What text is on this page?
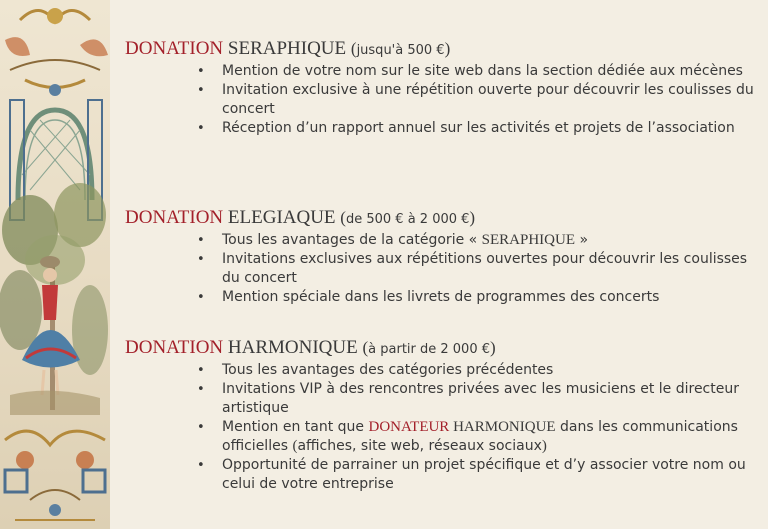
DONATION SERAPHIQUE (jusqu'à 500 €)
• Mention de votre nom sur le site web dans la section dédiée aux mécènes
• Invitation exclusive à une répétition ouverte pour découvrir les coulisses du concert
• Réception d’un rapport annuel sur les activités et projets de l’association
DONATION ELEGIAQUE (de 500 € à 2 000 €)
• Tous les avantages de la catégorie « SERAPHIQUE »
• Invitations exclusives aux répétitions ouvertes pour découvrir les coulisses du concert
• Mention spéciale dans les livrets de programmes des concerts
DONATION HARMONIQUE (à partir de 2 000 €)
• Tous les avantages des catégories précédentes
• Invitations VIP à des rencontres privées avec les musiciens et le directeur artistique
• Mention en tant que DONATEUR HARMONIQUE dans les communications officielles (affiches, site web, réseaux sociaux)
• Opportunité de parrainer un projet spécifique et d’y associer votre nom ou celui de votre entreprise
